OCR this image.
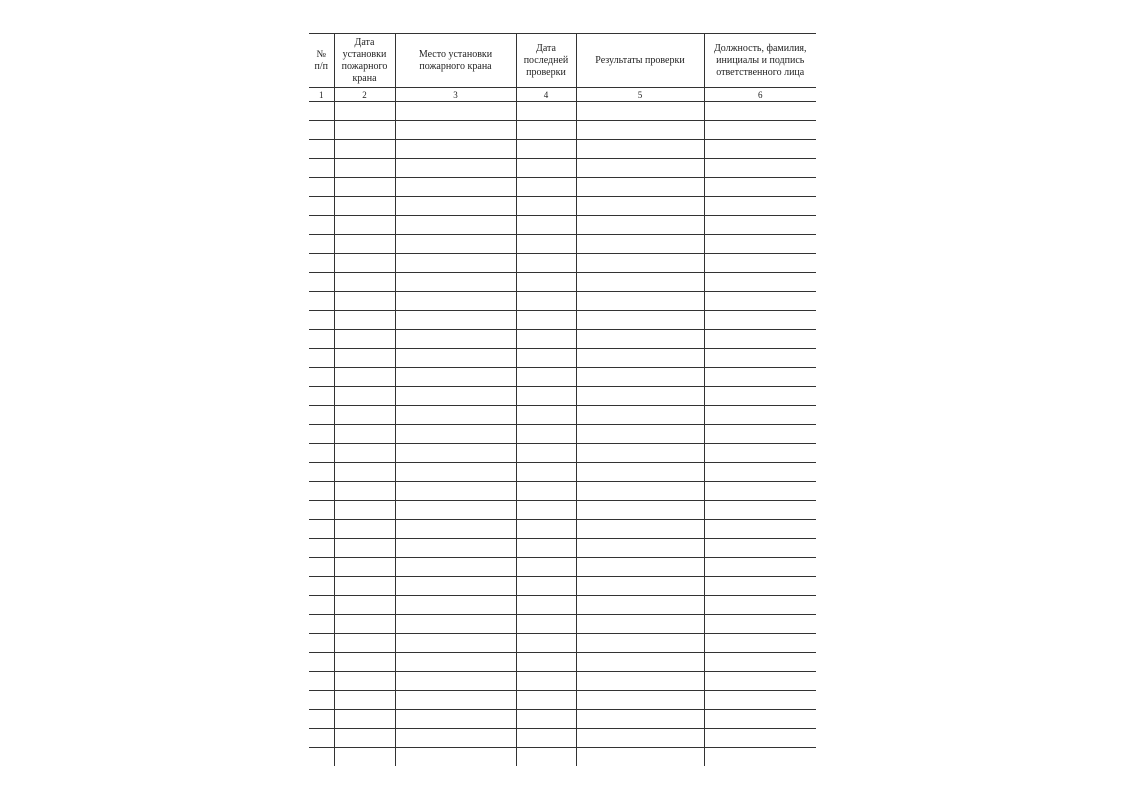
№
п/п	Дата
установки
пожарного
крана	Место установки
пожарного крана	Дата
последней
проверки	Результаты проверки	Должность, фамилия,
инициалы и подпись
ответственного лица
1	2	3	4	5	6
